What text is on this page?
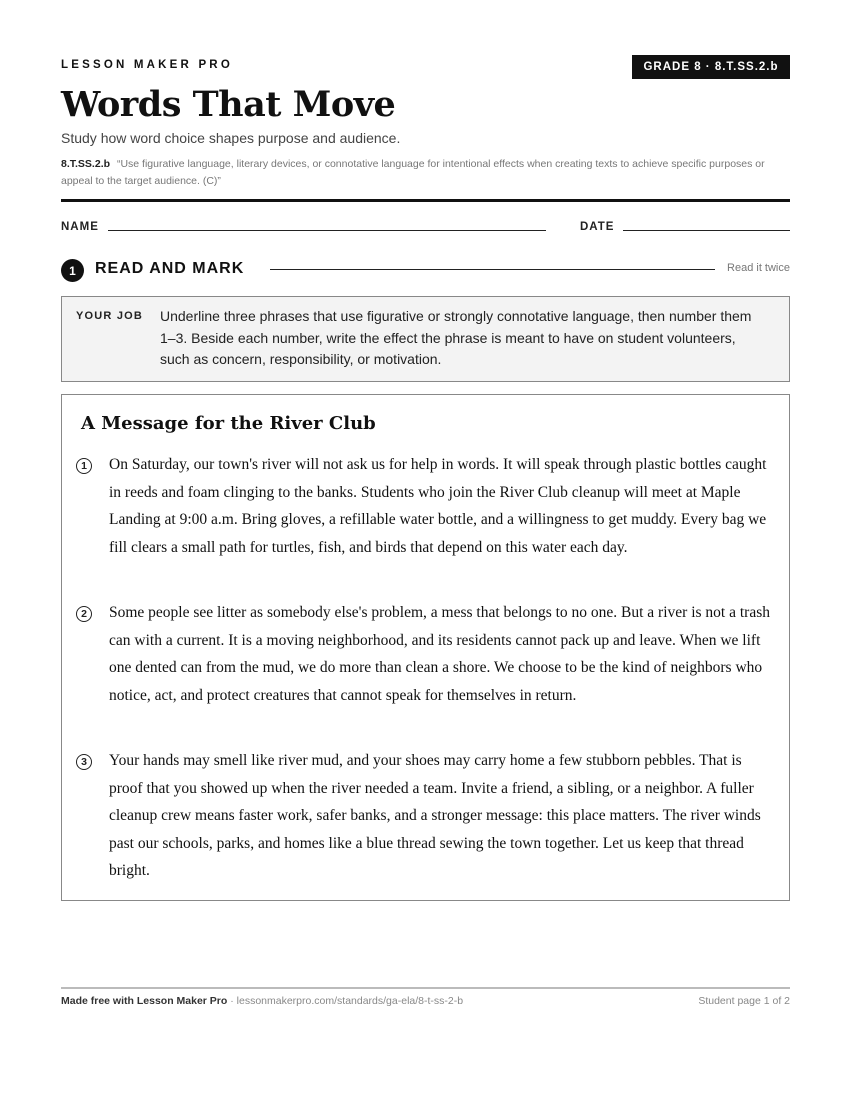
LESSON MAKER PRO	GRADE 8 · 8.T.SS.2.b
Words That Move
Study how word choice shapes purpose and audience.
8.T.SS.2.b “Use figurative language, literary devices, or connotative language for intentional effects when creating texts to achieve specific purposes or appeal to the target audience. (C)”
NAME	DATE
1	READ AND MARK	Read it twice
YOUR JOB Underline three phrases that use figurative or strongly connotative language, then number them 1–3. Beside each number, write the effect the phrase is meant to have on student volunteers, such as concern, responsibility, or motivation.
A Message for the River Club
1	On Saturday, our town's river will not ask us for help in words. It will speak through plastic bottles caught in reeds and foam clinging to the banks. Students who join the River Club cleanup will meet at Maple Landing at 9:00 a.m. Bring gloves, a refillable water bottle, and a willingness to get muddy. Every bag we fill clears a small path for turtles, fish, and birds that depend on this water each day.
2	Some people see litter as somebody else's problem, a mess that belongs to no one. But a river is not a trash can with a current. It is a moving neighborhood, and its residents cannot pack up and leave. When we lift one dented can from the mud, we do more than clean a shore. We choose to be the kind of neighbors who notice, act, and protect creatures that cannot speak for themselves in return.
3	Your hands may smell like river mud, and your shoes may carry home a few stubborn pebbles. That is proof that you showed up when the river needed a team. Invite a friend, a sibling, or a neighbor. A fuller cleanup crew means faster work, safer banks, and a stronger message: this place matters. The river winds past our schools, parks, and homes like a blue thread sewing the town together. Let us keep that thread bright.
Made free with Lesson Maker Pro · lessonmakerpro.com/standards/ga-ela/8-t-ss-2-b	Student page 1 of 2
